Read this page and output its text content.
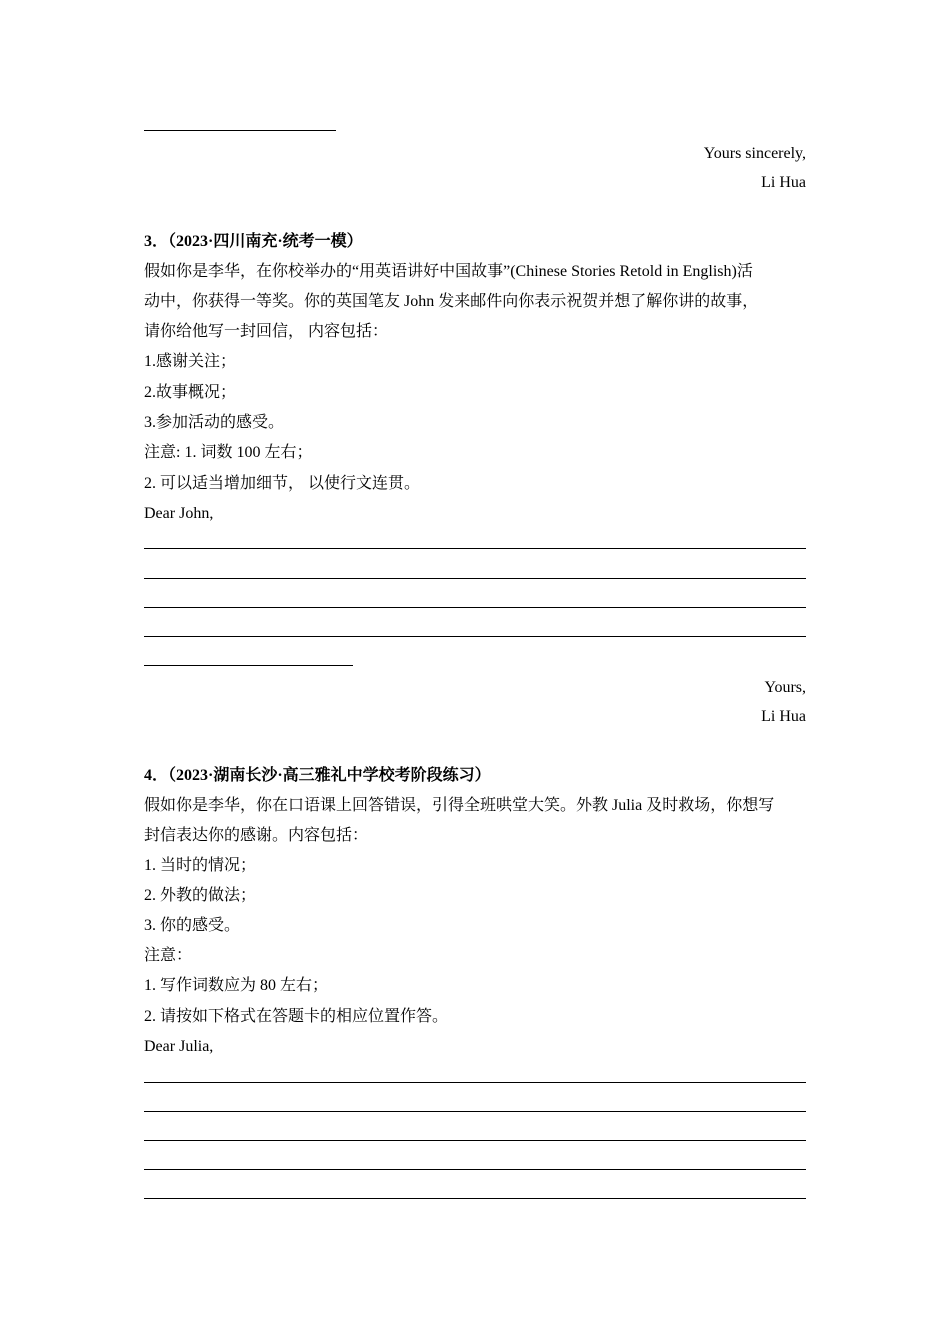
Yours sincerely,
Li Hua
3．（2023·四川南充·统考一模）
假如你是李华，在你校举办的“用英语讲好中国故事”(Chinese Stories Retold in English)活
动中，你获得一等奖。你的英国笔友 John 发来邮件向你表示祝贺并想了解你讲的故事，
请你给他写一封回信， 内容包括：
1.感谢关注；
2.故事概况；
3.参加活动的感受。
注意: 1. 词数 100 左右；
2. 可以适当增加细节， 以使行文连贯。
Dear John,
Yours,
Li Hua
4．（2023·湖南长沙·高三雅礼中学校考阶段练习）
假如你是李华，你在口语课上回答错误，引得全班哄堂大笑。外教 Julia 及时救场，你想写
封信表达你的感谢。内容包括：
1. 当时的情况；
2. 外教的做法；
3. 你的感受。
注意：
1. 写作词数应为 80 左右；
2. 请按如下格式在答题卡的相应位置作答。
Dear Julia,
